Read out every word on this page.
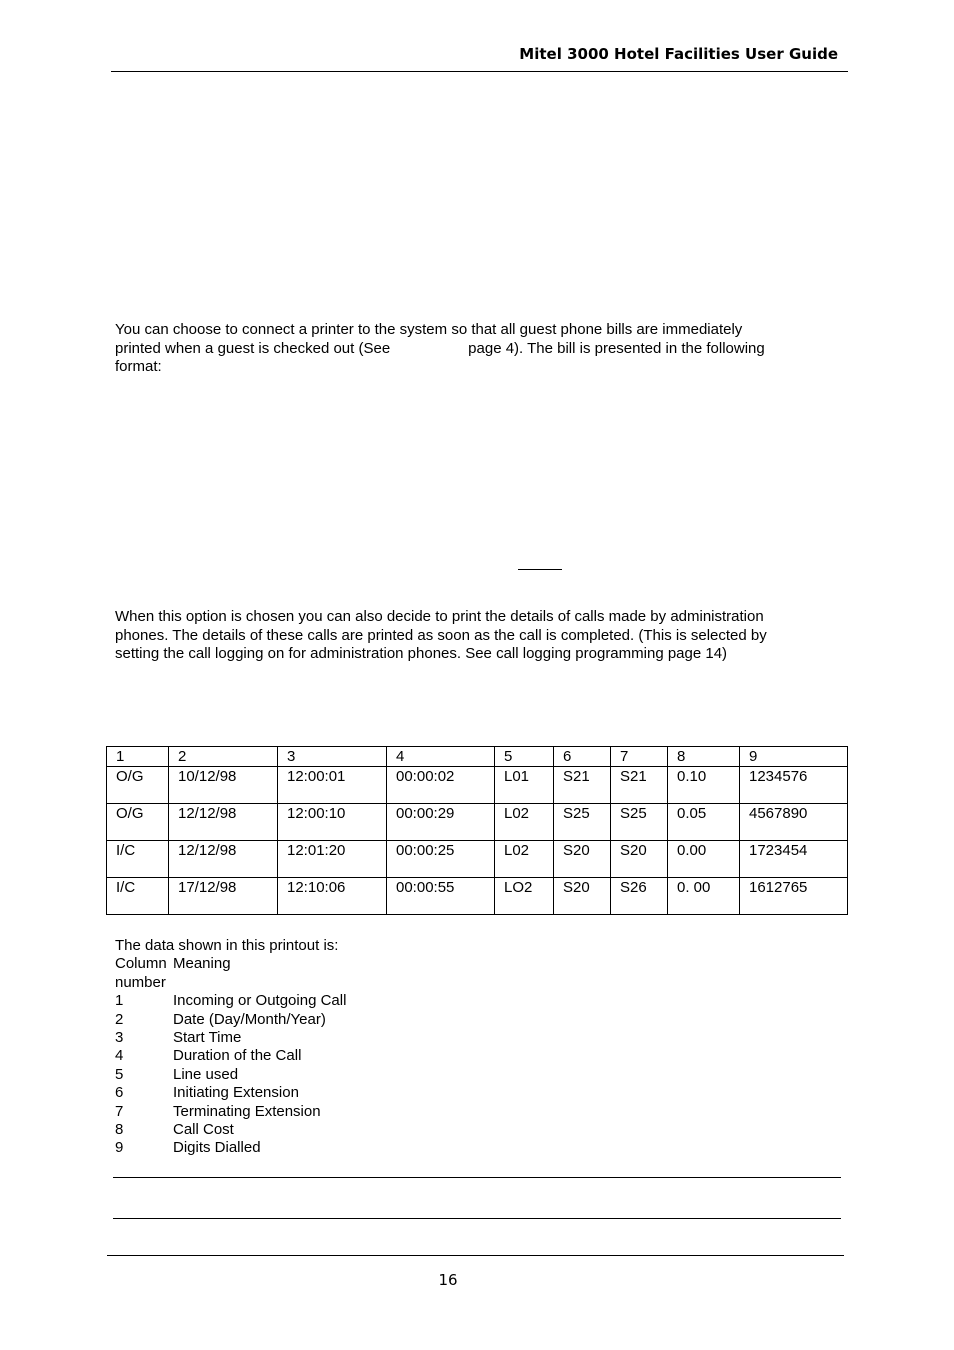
Mitel 3000 Hotel Facilities User Guide

You can choose to connect a printer to the system so that all guest phone bills are immediately

printed when a guest is checked out (See	page 4). The bill is presented in the following

format:

When this option is chosen you can also decide to print the details of calls made by administration

phones. The details of these calls are printed as soon as the call is completed. (This is selected by

setting the call logging on for administration phones. See call logging programming page 14)

1	2	3	4	5	6	7	8	9
O/G	10/12/98	12:00:01	00:00:02	L01	S21	S21	0.10	1234576
O/G	12/12/98	12:00:10	00:00:29	L02	S25	S25	0.05	4567890
I/C	12/12/98	12:01:20	00:00:25	L02	S20	S20	0.00	1723454
I/C	17/12/98	12:10:06	00:00:55	LO2	S20	S26	0. 00	1612765
The data shown in this printout is:
Column Meaning
number
1	Incoming or Outgoing Call
2	Date (Day/Month/Year)
3	Start Time
4	Duration of the Call
5	Line used
6	Initiating Extension
7	Terminating Extension
8	Call Cost
9	Digits Dialled
16
